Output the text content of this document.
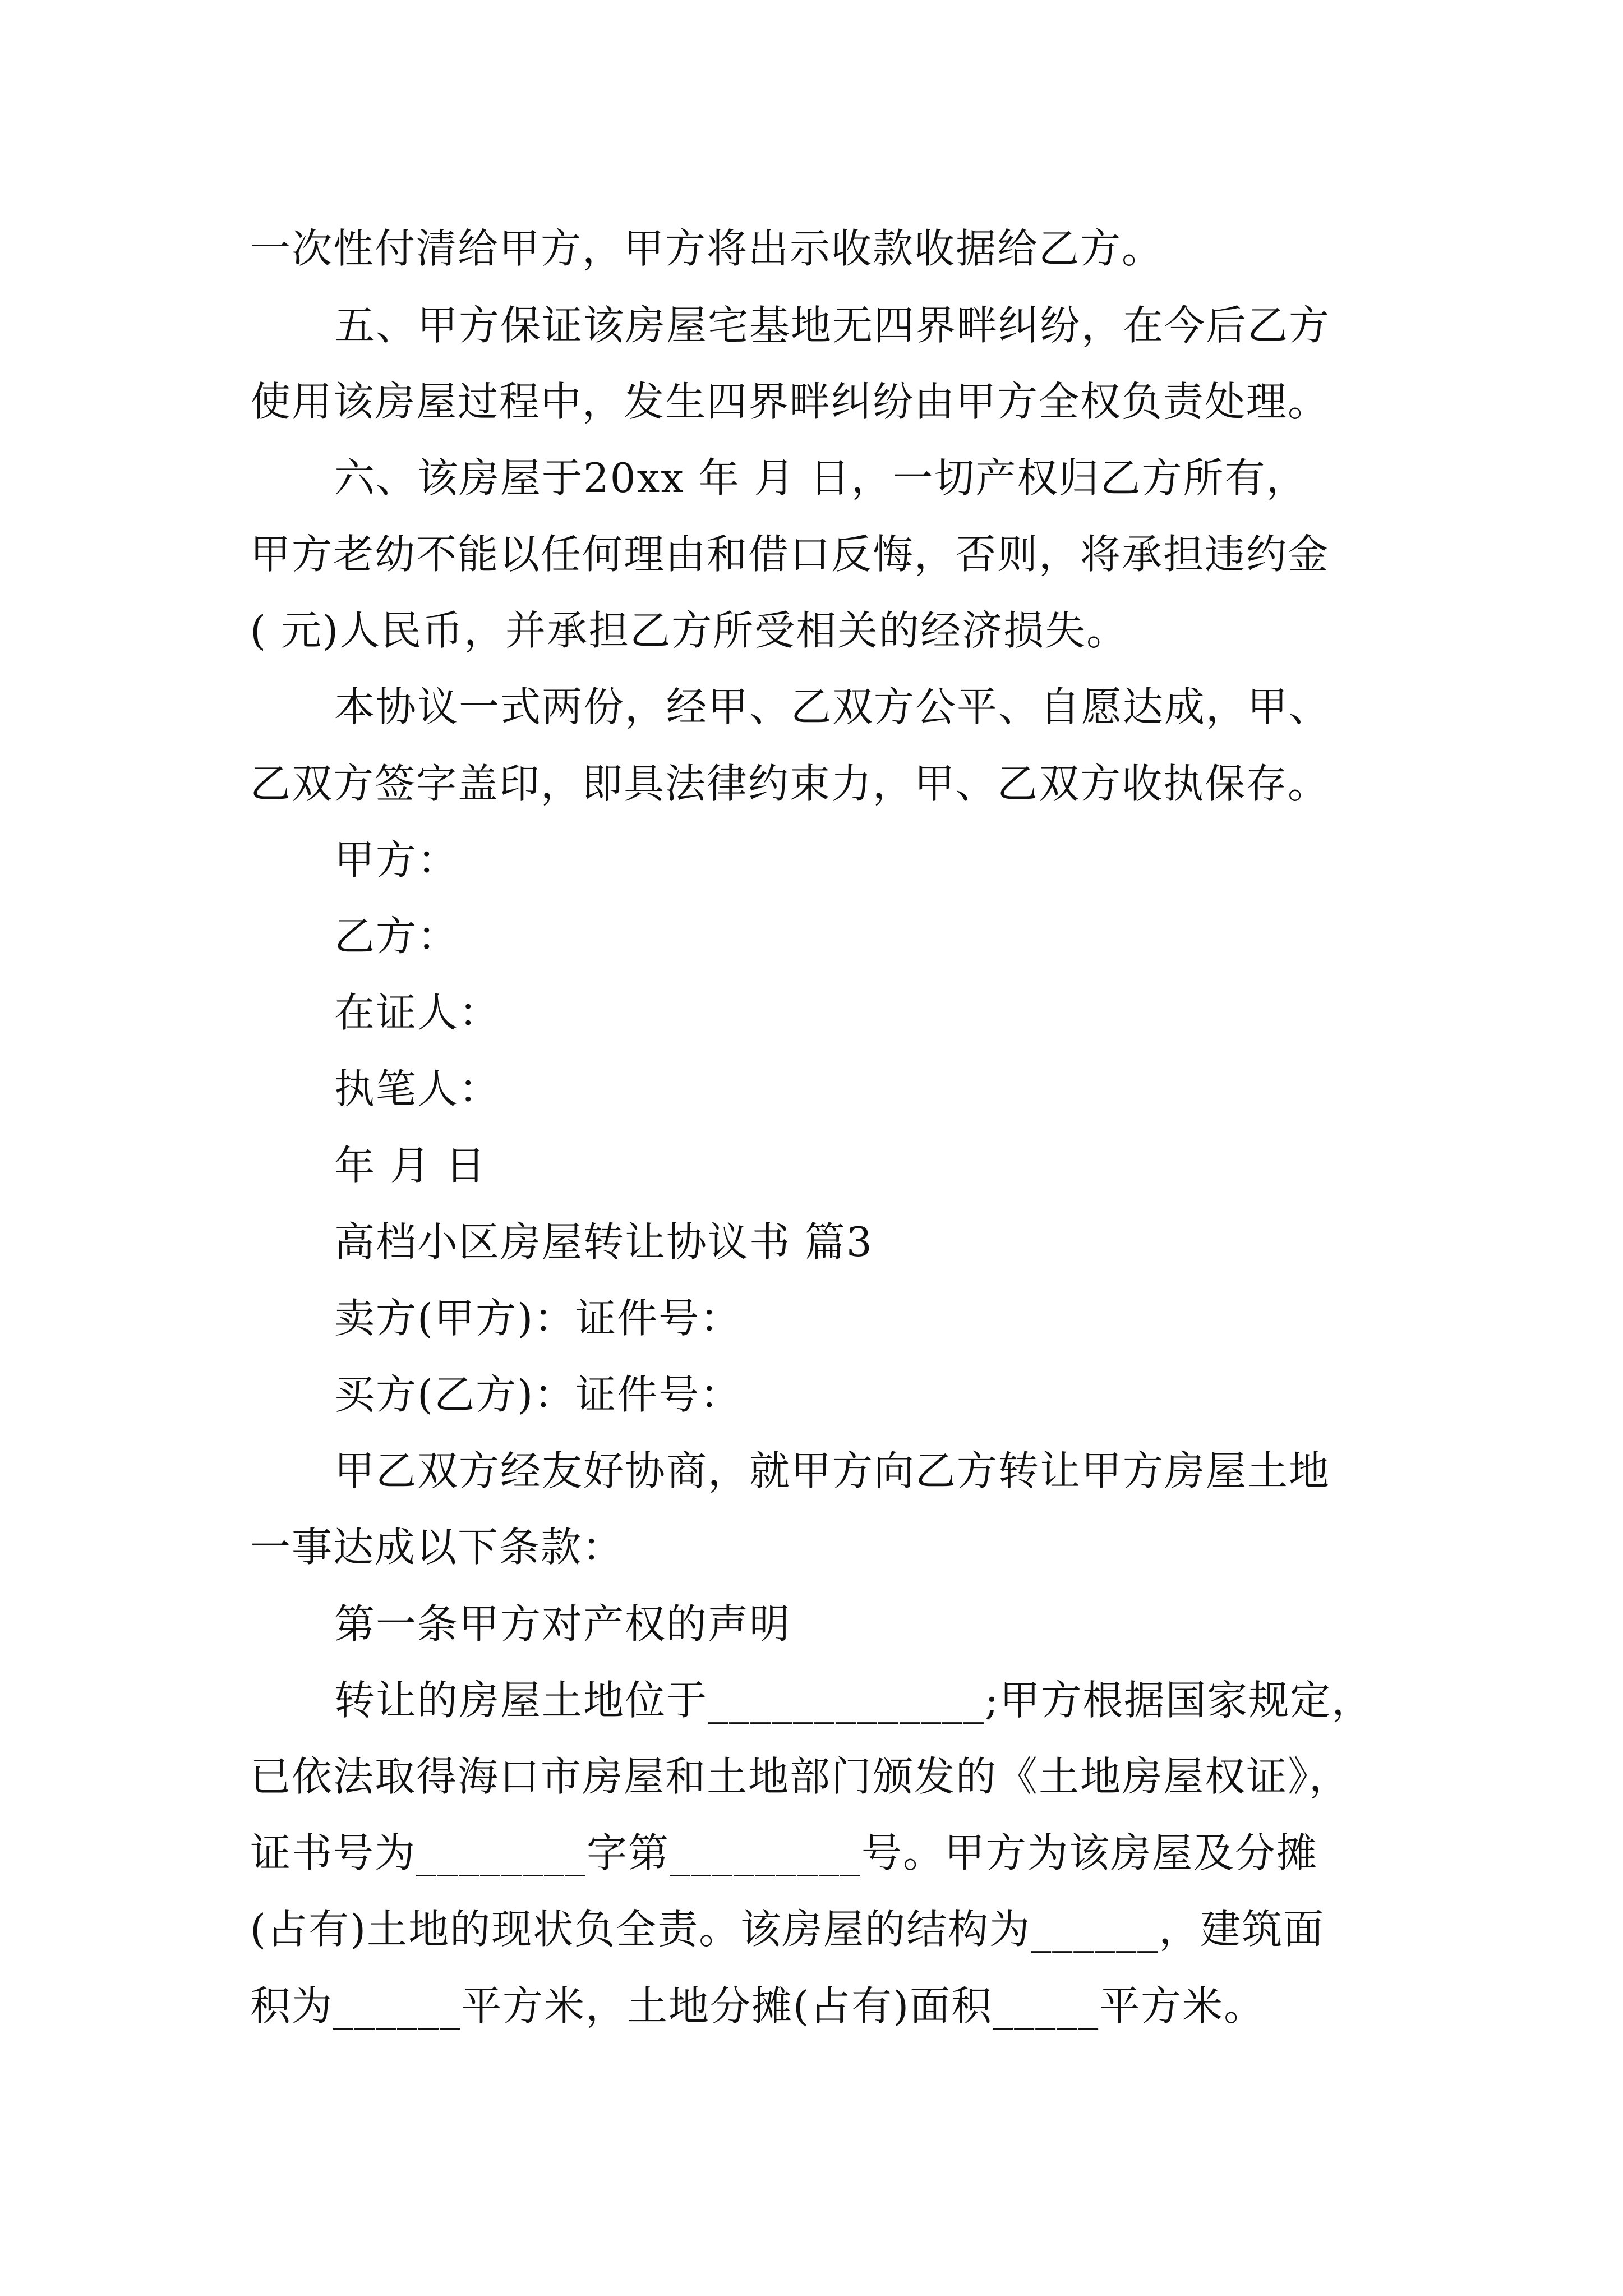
一次性付清给甲方，甲方将出示收款收据给乙方。
五、甲方保证该房屋宅基地无四界畔纠纷，在今后乙方
使用该房屋过程中，发生四界畔纠纷由甲方全权负责处理。
六、该房屋于20xx 年 月 日，一切产权归乙方所有，
甲方老幼不能以任何理由和借口反悔，否则，将承担违约金
( 元)人民币，并承担乙方所受相关的经济损失。
本协议一式两份，经甲、乙双方公平、自愿达成，甲、
乙双方签字盖印，即具法律约束力，甲、乙双方收执保存。
甲方：
乙方：
在证人：
执笔人：
年 月 日
高档小区房屋转让协议书 篇3
卖方(甲方)：证件号：
买方(乙方)：证件号：
甲乙双方经友好协商，就甲方向乙方转让甲方房屋土地
一事达成以下条款：
第一条甲方对产权的声明
转让的房屋土地位于_____________;甲方根据国家规定，
已依法取得海口市房屋和土地部门颁发的《土地房屋权证》，
证书号为________字第_________号。甲方为该房屋及分摊
(占有)土地的现状负全责。该房屋的结构为______，建筑面
积为______平方米，土地分摊(占有)面积_____平方米。
